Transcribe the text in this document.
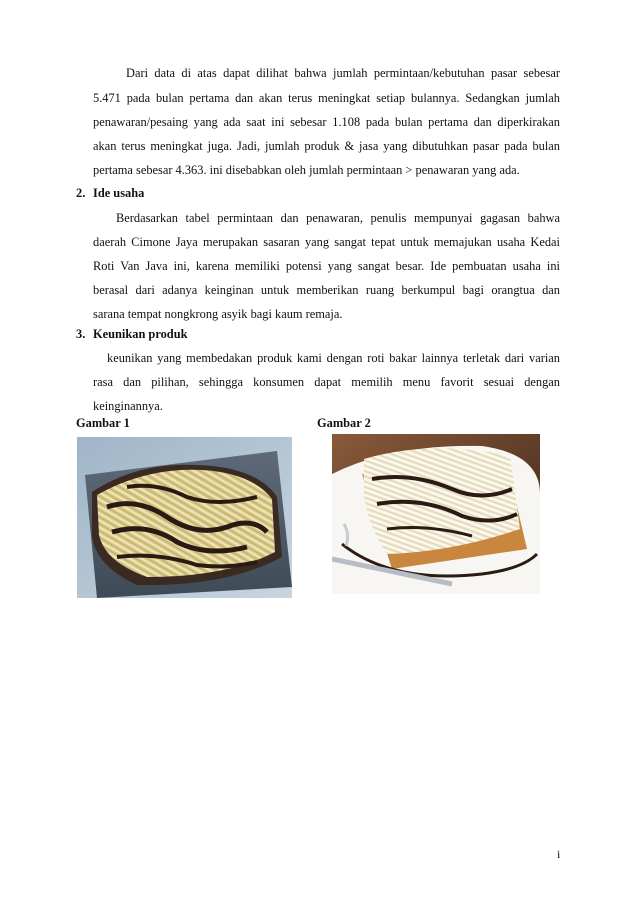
Dari data di atas dapat dilihat bahwa jumlah permintaan/kebutuhan pasar sebesar
5.471 pada bulan pertama dan akan terus meningkat setiap bulannya. Sedangkan jumlah
penawaran/pesaing yang ada saat ini sebesar 1.108 pada bulan pertama dan diperkirakan
akan terus meningkat juga. Jadi, jumlah produk & jasa yang dibutuhkan pasar pada bulan
pertama sebesar 4.363. ini disebabkan oleh jumlah permintaan > penawaran yang ada.
2. Ide usaha
Berdasarkan tabel permintaan dan penawaran, penulis mempunyai gagasan bahwa
daerah Cimone Jaya merupakan sasaran yang sangat tepat untuk memajukan usaha Kedai
Roti Van Java ini, karena memiliki potensi yang sangat besar. Ide pembuatan usaha ini
berasal dari adanya keinginan untuk memberikan ruang berkumpul bagi orangtua dan
sarana tempat nongkrong asyik bagi kaum remaja.
3. Keunikan produk
keunikan yang membedakan produk kami dengan roti bakar lainnya terletak dari varian
rasa dan pilihan, sehingga konsumen dapat memilih menu favorit sesuai dengan
keinginannya.
Gambar 1	Gambar 2
i
